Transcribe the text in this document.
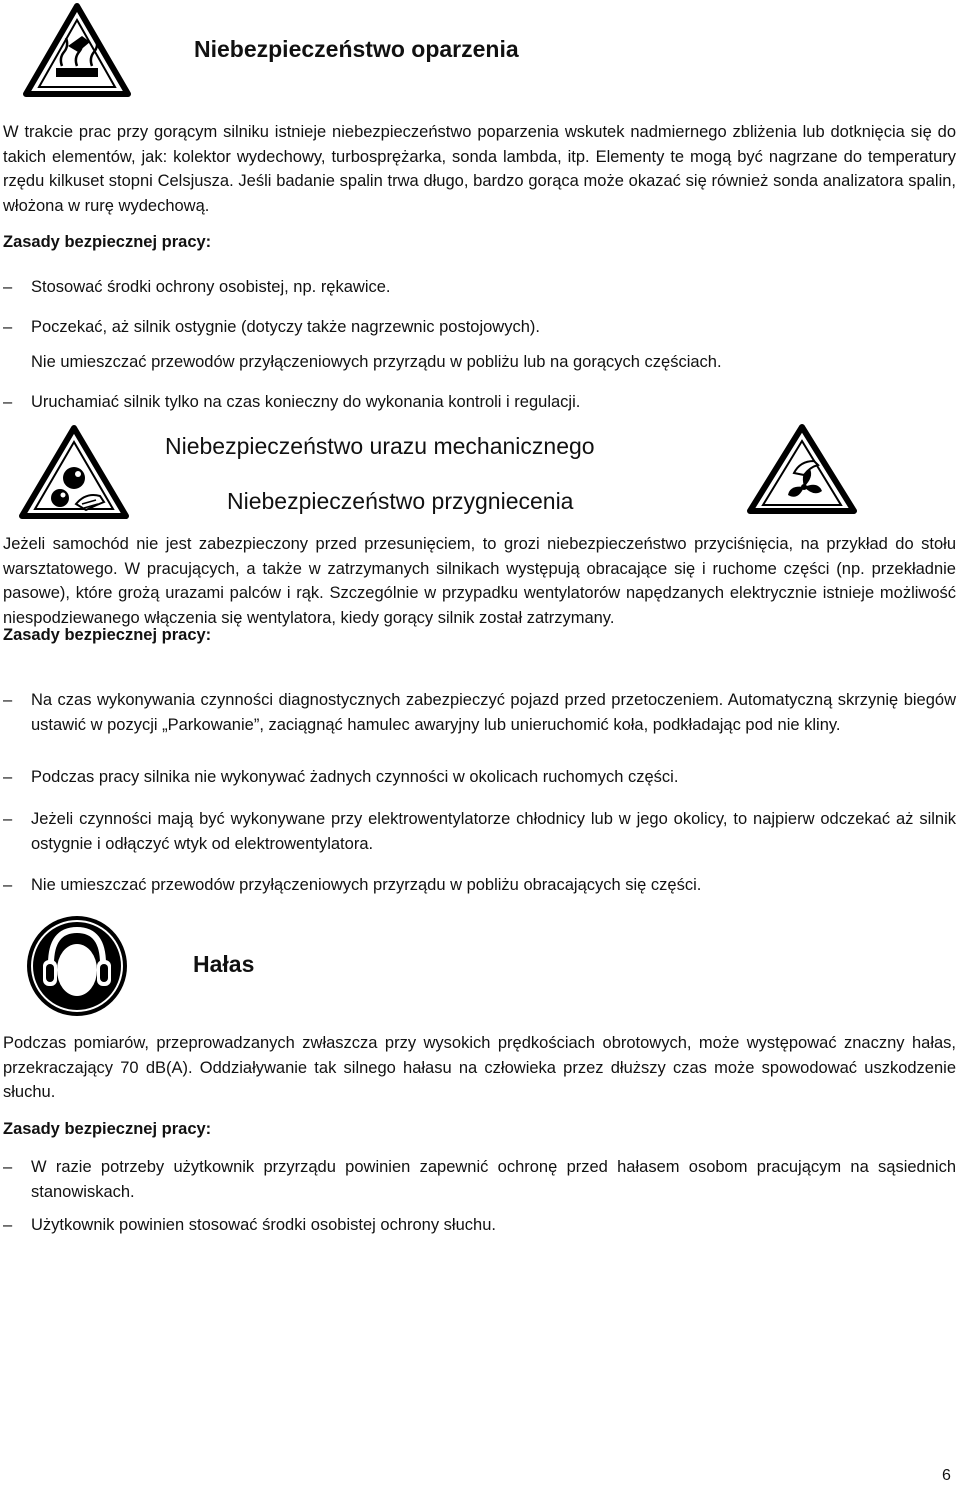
Niebezpieczeństwo oparzenia
W trakcie prac przy gorącym silniku istnieje niebezpieczeństwo poparzenia wskutek nadmiernego zbliżenia lub dotknięcia się do takich elementów, jak: kolektor wydechowy, turbosprężarka, sonda lambda, itp. Elementy te mogą być nagrzane do temperatury rzędu kilkuset stopni Celsjusza. Jeśli badanie spalin trwa długo, bardzo gorąca może okazać się również sonda analizatora spalin, włożona w rurę wydechową.
Zasady bezpiecznej pracy:
–	Stosować środki ochrony osobistej, np. rękawice.
–	Poczekać, aż silnik ostygnie (dotyczy także nagrzewnic postojowych).
Nie umieszczać przewodów przyłączeniowych przyrządu w pobliżu lub na gorących częściach.
–	Uruchamiać silnik tylko na czas konieczny do wykonania kontroli i regulacji.
Niebezpieczeństwo urazu mechanicznego
Niebezpieczeństwo przygniecenia
Jeżeli samochód nie jest zabezpieczony przed przesunięciem, to grozi niebezpieczeństwo przyciśnięcia, na przykład do stołu warsztatowego. W pracujących, a także w zatrzymanych silnikach występują obracające się i ruchome części (np. przekładnie pasowe), które grożą urazami palców i rąk. Szczególnie w przypadku wentylatorów napędzanych elektrycznie istnieje możliwość niespodziewanego włączenia się wentylatora, kiedy gorący silnik został zatrzymany.
Zasady bezpiecznej pracy:
–	Na czas wykonywania czynności diagnostycznych zabezpieczyć pojazd przed przetoczeniem. Automatyczną skrzynię biegów ustawić w pozycji „Parkowanie”, zaciągnąć hamulec awaryjny lub unieruchomić koła, podkładając pod nie kliny.
–	Podczas pracy silnika nie wykonywać żadnych czynności w okolicach ruchomych części.
–	Jeżeli czynności mają być wykonywane przy elektrowentylatorze chłodnicy lub w jego okolicy, to najpierw odczekać aż silnik ostygnie i odłączyć wtyk od elektrowentylatora.
–	Nie umieszczać przewodów przyłączeniowych przyrządu w pobliżu obracających się części.
Hałas
Podczas pomiarów, przeprowadzanych zwłaszcza przy wysokich prędkościach obrotowych, może występować znaczny hałas, przekraczający 70 dB(A). Oddziaływanie tak silnego hałasu na człowieka przez dłuższy czas może spowodować uszkodzenie słuchu.
Zasady bezpiecznej pracy:
–	W razie potrzeby użytkownik przyrządu powinien zapewnić ochronę przed hałasem osobom pracującym na sąsiednich stanowiskach.
–	Użytkownik powinien stosować środki osobistej ochrony słuchu.
6
